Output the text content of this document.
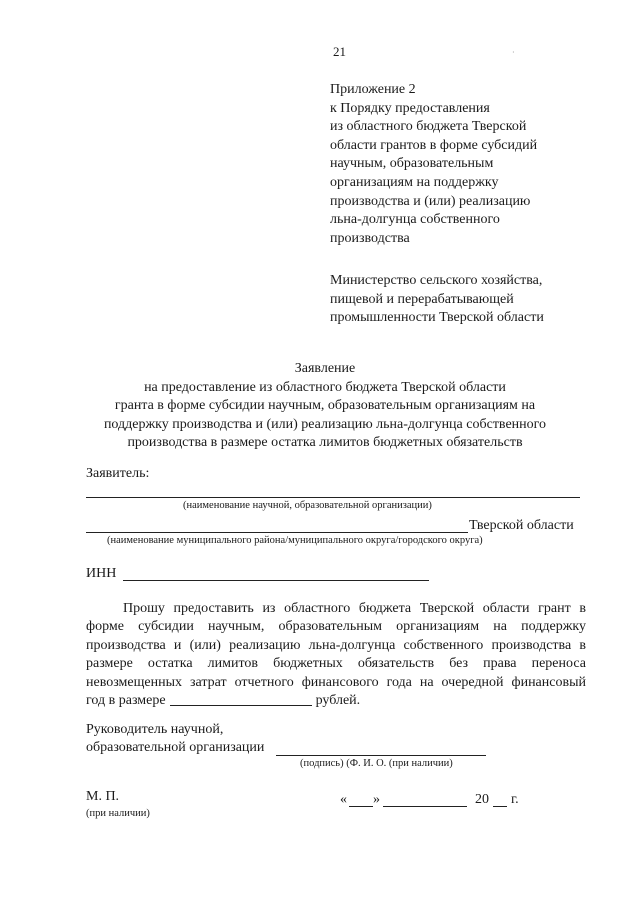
21	·
Приложение 2
к Порядку предоставления
из областного бюджета Тверской
области грантов в форме субсидий
научным, образовательным
организациям на поддержку
производства и (или) реализацию
льна-долгунца собственного
производства
Министерство сельского хозяйства,
пищевой и перерабатывающей
промышленности Тверской области
Заявление
на предоставление из областного бюджета Тверской области
гранта в форме субсидии научным, образовательным организациям на
поддержку производства и (или) реализацию льна-долгунца собственного
производства в размере остатка лимитов бюджетных обязательств
Заявитель:
(наименование научной, образовательной организации)
Тверской области
(наименование муниципального района/муниципального округа/городского округа)
ИНН
Прошу предоставить из областного бюджета Тверской области грант в
форме субсидии научным, образовательным организациям на поддержку
производства и (или) реализацию льна-долгунца собственного производства в
размере остатка лимитов бюджетных обязательств без права переноса
невозмещенных затрат отчетного финансового года на очередной финансовый
год в размере	рублей.
Руководитель научной,
образовательной организации
(подпись) (Ф. И. О. (при наличии)
М. П.
(при наличии)
« »	20 г.
